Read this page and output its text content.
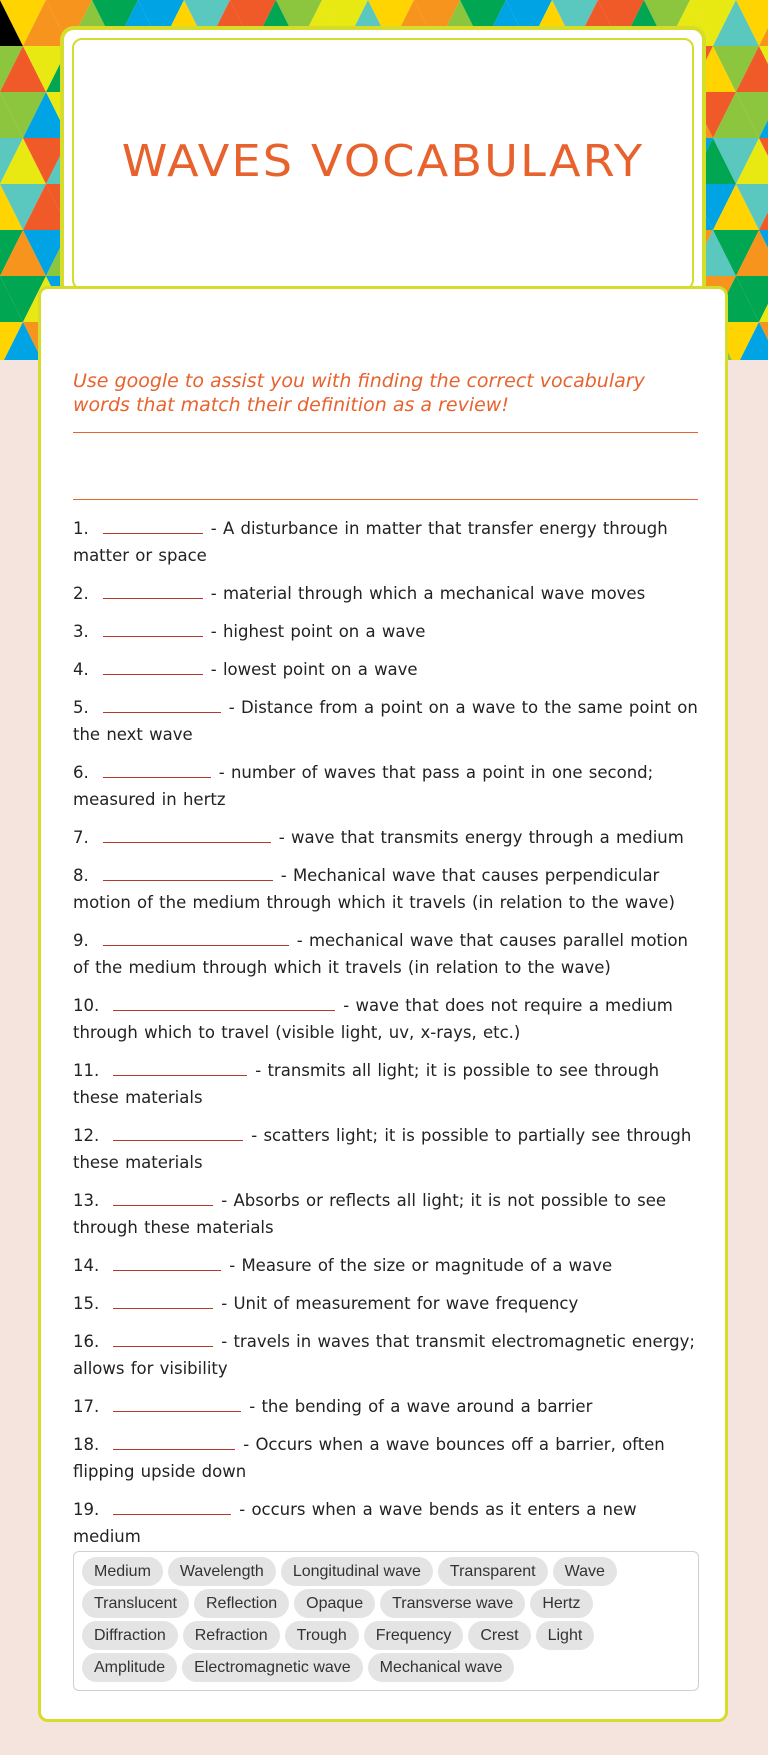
WAVES VOCABULARY
Use google to assist you with finding the correct vocabulary words that match their definition as a review!
1.	- A disturbance in matter that transfer energy through matter or space
2.	- material through which a mechanical wave moves
3.	- highest point on a wave
4.	- lowest point on a wave
5.	- Distance from a point on a wave to the same point on the next wave
6.	- number of waves that pass a point in one second; measured in hertz
7.	- wave that transmits energy through a medium
8.	- Mechanical wave that causes perpendicular motion of the medium through which it travels (in relation to the wave)
9.	- mechanical wave that causes parallel motion of the medium through which it travels (in relation to the wave)
10.	- wave that does not require a medium through which to travel (visible light, uv, x-rays, etc.)
11.	- transmits all light; it is possible to see through these materials
12.	- scatters light; it is possible to partially see through these materials
13.	- Absorbs or reflects all light; it is not possible to see through these materials
14.	- Measure of the size or magnitude of a wave
15.	- Unit of measurement for wave frequency
16.	- travels in waves that transmit electromagnetic energy; allows for visibility
17.	- the bending of a wave around a barrier
18.	- Occurs when a wave bounces off a barrier, often flipping upside down
19.	- occurs when a wave bends as it enters a new medium
Medium Wavelength Longitudinal wave Transparent WaveTranslucent Reflection Opaque Transverse wave HertzDiffraction Refraction Trough Frequency Crest LightAmplitude Electromagnetic wave Mechanical wave
